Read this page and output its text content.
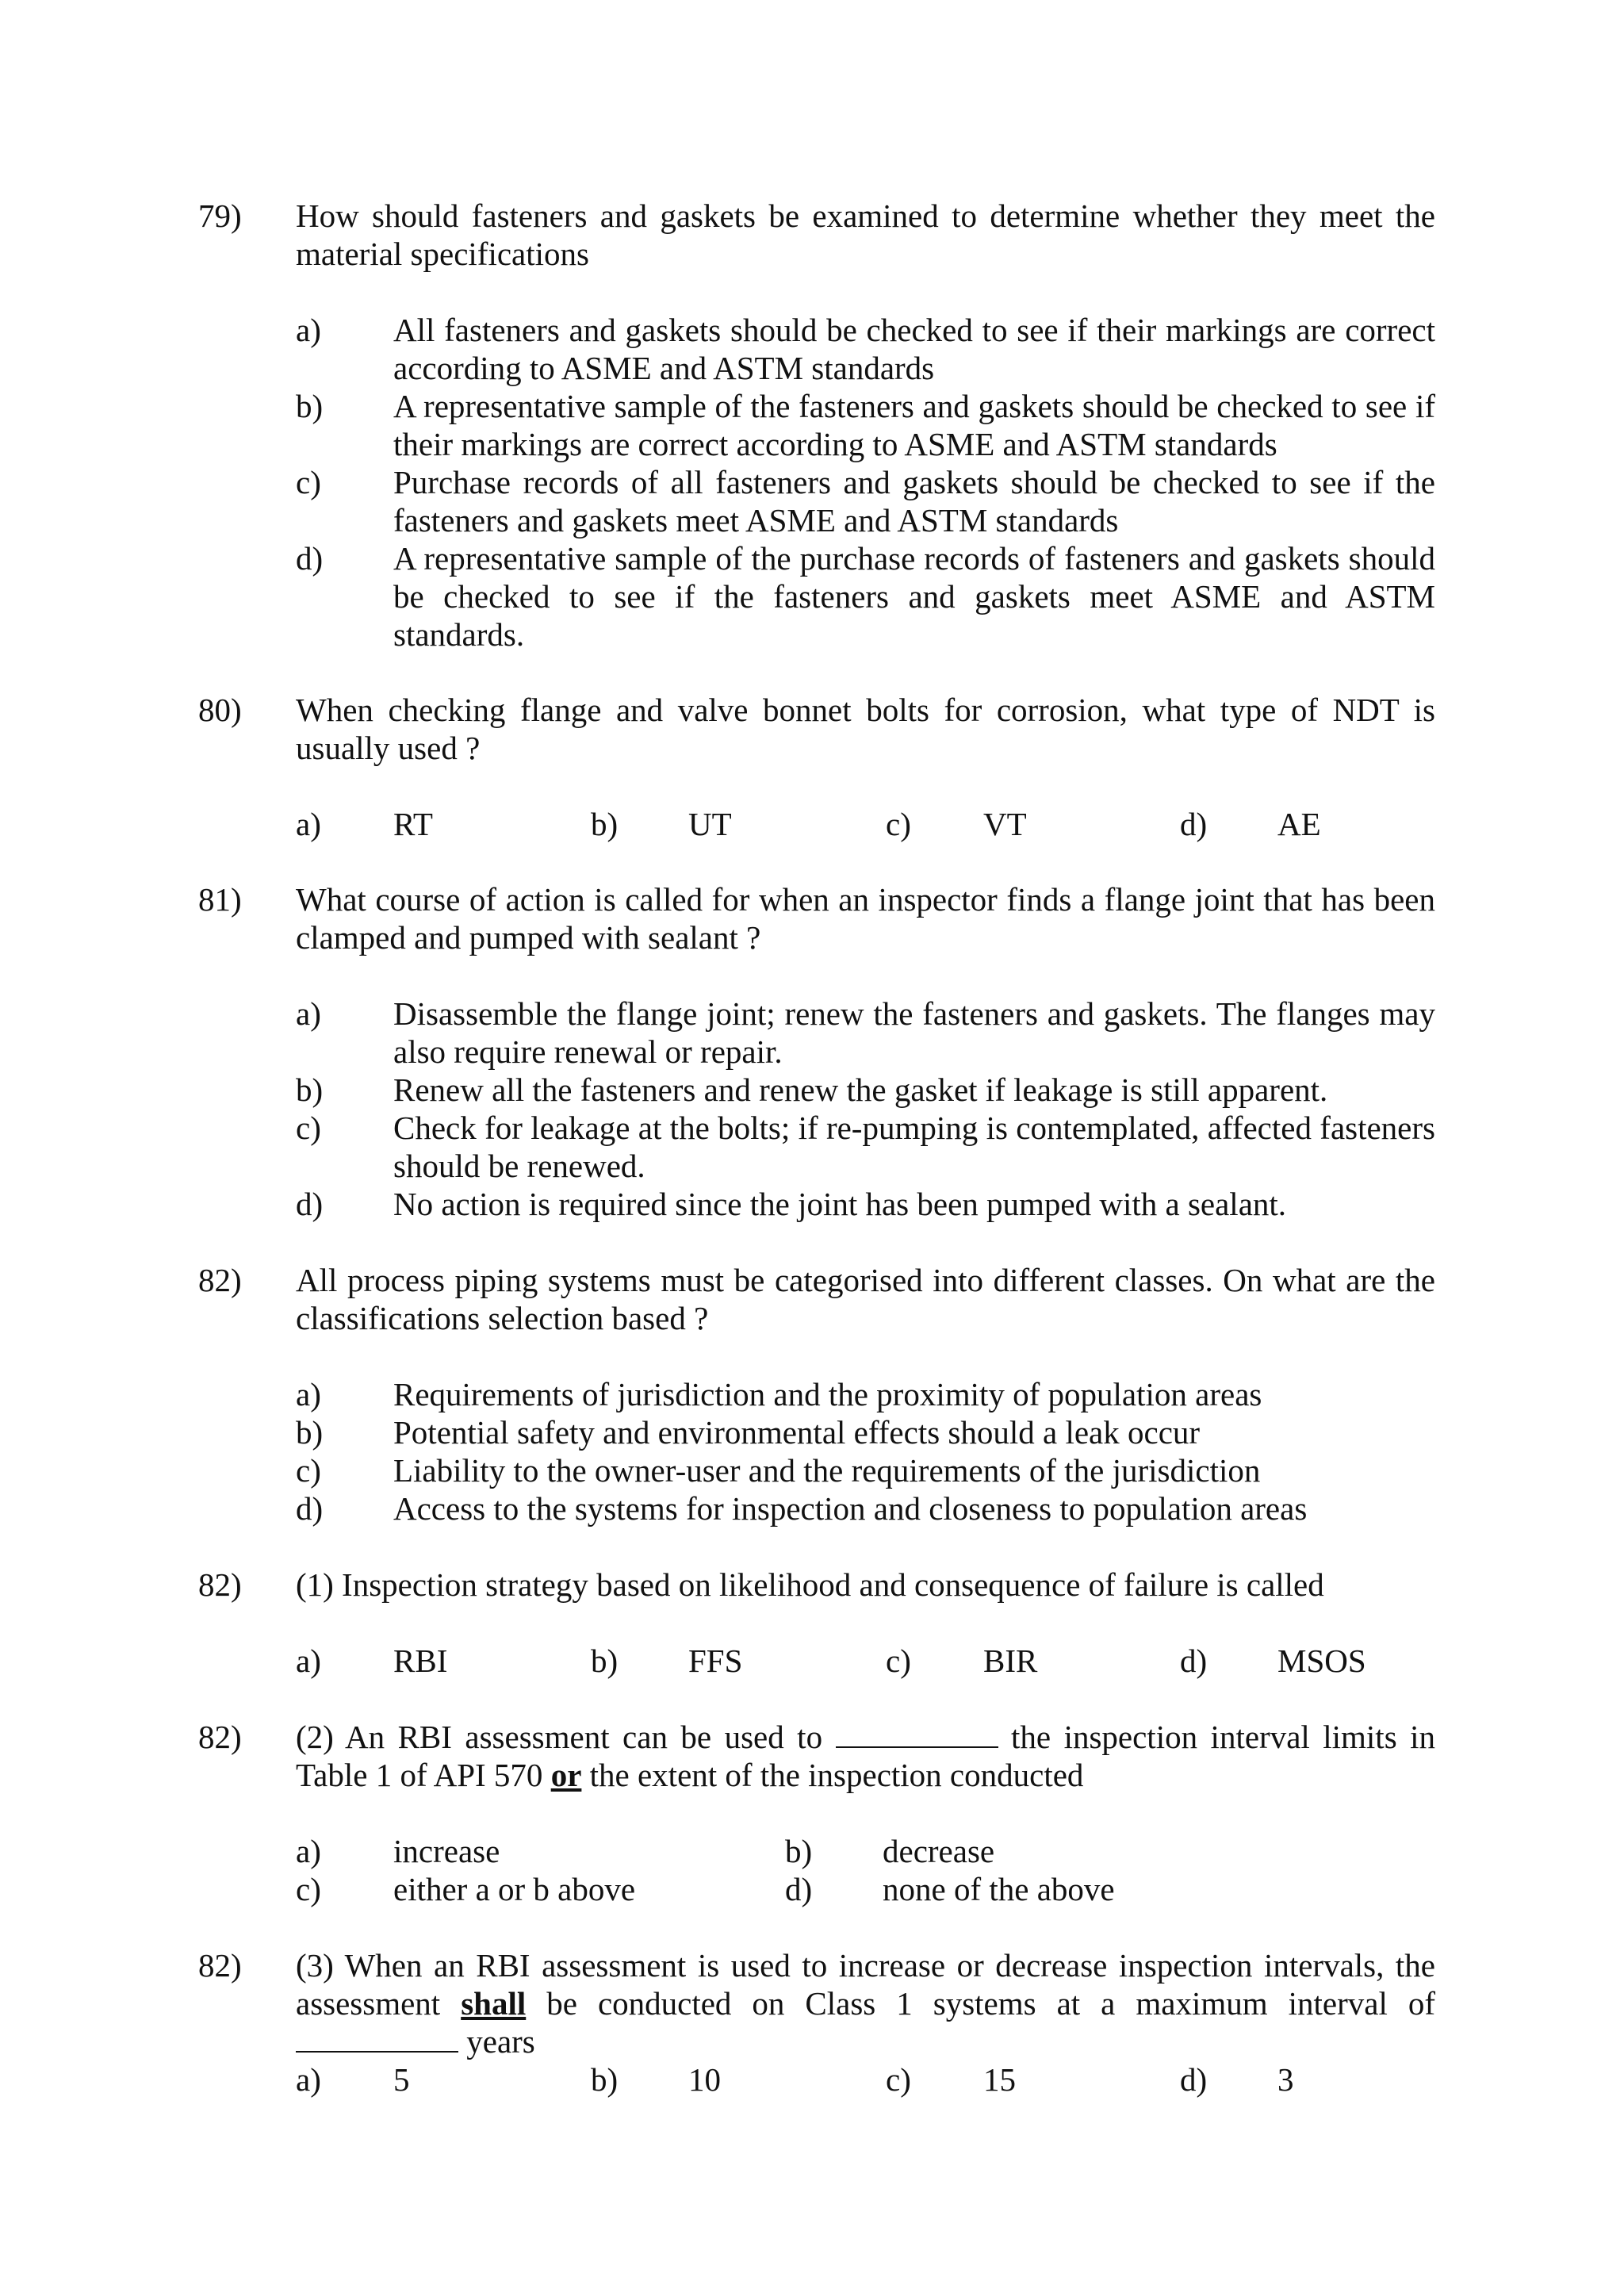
79) How should fasteners and gaskets be examined to determine whether they meet the material specifications
a) All fasteners and gaskets should be checked to see if their markings are correct according to ASME and ASTM standards
b) A representative sample of the fasteners and gaskets should be checked to see if their markings are correct according to ASME and ASTM standards
c) Purchase records of all fasteners and gaskets should be checked to see if the fasteners and gaskets meet ASME and ASTM standards
d) A representative sample of the purchase records of fasteners and gaskets should be checked to see if the fasteners and gaskets meet ASME and ASTM standards.
80) When checking flange and valve bonnet bolts for corrosion, what type of NDT is usually used ?
a) RT	b) UT	c) VT	d) AE
81) What course of action is called for when an inspector finds a flange joint that has been clamped and pumped with sealant ?
a) Disassemble the flange joint; renew the fasteners and gaskets. The flanges may also require renewal or repair.
b) Renew all the fasteners and renew the gasket if leakage is still apparent.
c) Check for leakage at the bolts; if re-pumping is contemplated, affected fasteners should be renewed.
d) No action is required since the joint has been pumped with a sealant.
82) All process piping systems must be categorised into different classes. On what are the classifications selection based ?
a) Requirements of jurisdiction and the proximity of population areas
b) Potential safety and environmental effects should a leak occur
c) Liability to the owner-user and the requirements of the jurisdiction
d) Access to the systems for inspection and closeness to population areas
82) (1) Inspection strategy based on likelihood and consequence of failure is called
a) RBI	b) FFS	c) BIR	d) MSOS
82) (2) An RBI assessment can be used to	the inspection interval limits in Table 1 of API 570 or the extent of the inspection conducted
a) increase	b) decrease
c) either a or b above	d) none of the above
82) (3) When an RBI assessment is used to increase or decrease inspection intervals, the assessment shall be conducted on Class 1 systems at a maximum interval of  years
a) 5	b) 10	c) 15	d) 3
